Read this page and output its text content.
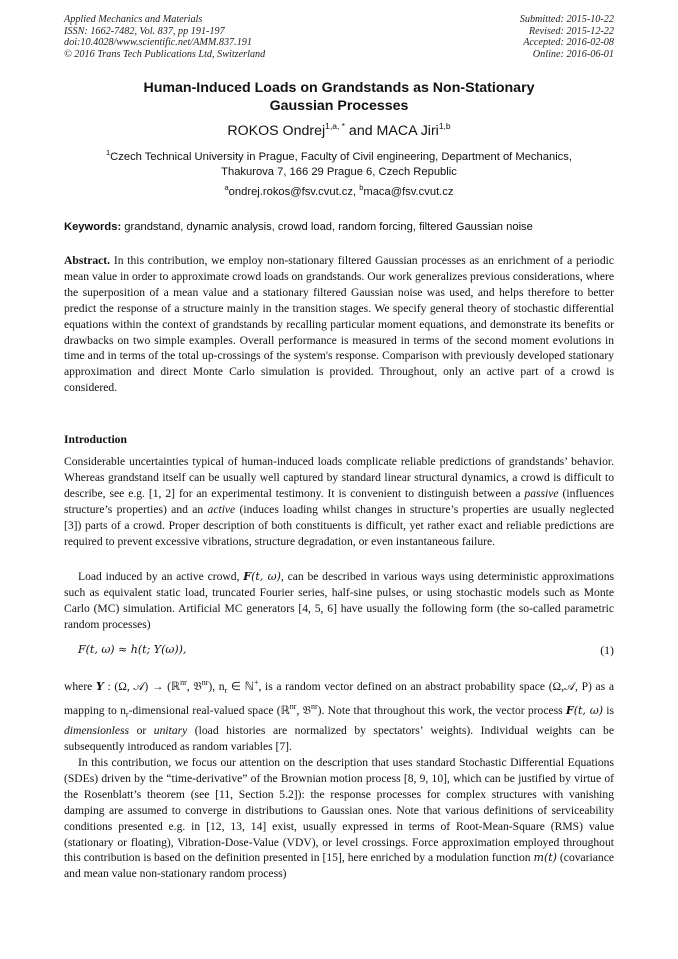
Applied Mechanics and Materials
ISSN: 1662-7482, Vol. 837, pp 191-197
doi:10.4028/www.scientific.net/AMM.837.191
© 2016 Trans Tech Publications Ltd, Switzerland
Submitted: 2015-10-22
Revised: 2015-12-22
Accepted: 2016-02-08
Online: 2016-06-01
Human-Induced Loads on Grandstands as Non-Stationary
Gaussian Processes
ROKOS Ondrej$^{1,a, *}$ and MACA Jiri$^{1,b}$
$^1$Czech Technical University in Prague, Faculty of Civil engineering, Department of Mechanics,
Thakurova 7, 166 29 Prague 6, Czech Republic
$^a$ondrej.rokos@fsv.cvut.cz, $^b$maca@fsv.cvut.cz
Keywords: grandstand, dynamic analysis, crowd load, random forcing, filtered Gaussian noise
Abstract. In this contribution, we employ non-stationary filtered Gaussian processes as an enrichment of a periodic mean value in order to approximate crowd loads on grandstands. Our work generalizes previous considerations, where the superposition of a mean value and a stationary filtered Gaussian noise was used, and helps therefore to better predict the response of a structure mainly in the transition stages. We specify general theory of stochastic differential equations within the context of grandstands by recalling particular moment equations, and demonstrate its benefits or drawbacks on two simple examples. Overall performance is measured in terms of the second moment evolutions in time and in terms of the total up-crossings of the system's response. Comparison with previously developed stationary approximation and direct Monte Carlo simulation is provided. Throughout, only an active part of a crowd is considered.
Introduction
Considerable uncertainties typical of human-induced loads complicate reliable predictions of grandstands’ behavior. Whereas grandstand itself can be usually well captured by standard linear structural dynamics, a crowd is difficult to describe, see e.g. [1, 2] for an experimental testimony. It is convenient to distinguish between a passive (influences structure’s properties) and an active (induces loading whilst changes in structure’s properties are usually neglected [3]) parts of a crowd. Proper description of both constituents is difficult, yet rather exact and reliable predictions are required to prevent excessive vibrations, structure degradation, or even instantaneous failure.
Load induced by an active crowd, F(t, ω), can be described in various ways using deterministic approximations such as equivalent static load, truncated Fourier series, half-sine pulses, or using stochastic models such as Monte Carlo (MC) simulation. Artificial MC generators [4, 5, 6] have usually the following form (the so-called parametric random processes)
F(t, ω) ≈ h(t; Y(ω)),	(1)
where Y : (Ω, 𝒜) → (ℝ$^{nr}$, 𝔅$^{nr}$), $n_r$ ∈ ℕ+, is a random vector defined on an abstract probability space (Ω,𝒜, P) as a mapping to $n_r$-dimensional real-valued space (ℝ$^{nr}$, 𝔅$^{nr}$). Note that throughout this work, the vector process F(t, ω) is dimensionless or unitary (load histories are normalized by spectators’ weights). Individual weights can be subsequently introduced as random variables [7].
In this contribution, we focus our attention on the description that uses standard Stochastic Differential Equations (SDEs) driven by the “time-derivative” of the Brownian motion process [8, 9, 10], which can be justified by virtue of the Rosenblatt’s theorem (see [11, Section 5.2]): the response processes for complex structures with vanishing damping are assumed to converge in distributions to Gaussian ones. Note that various definitions of serviceability conditions presented e.g. in [12, 13, 14] exist, usually expressed in terms of Root-Mean-Square (RMS) value (stationary or floating), Vibration-Dose-Value (VDV), or level crossings. Force approximation employed throughout this contribution is based on the definition presented in [15], here enriched by a modulation function m(t) (covariance and mean value non-stationary random process)
